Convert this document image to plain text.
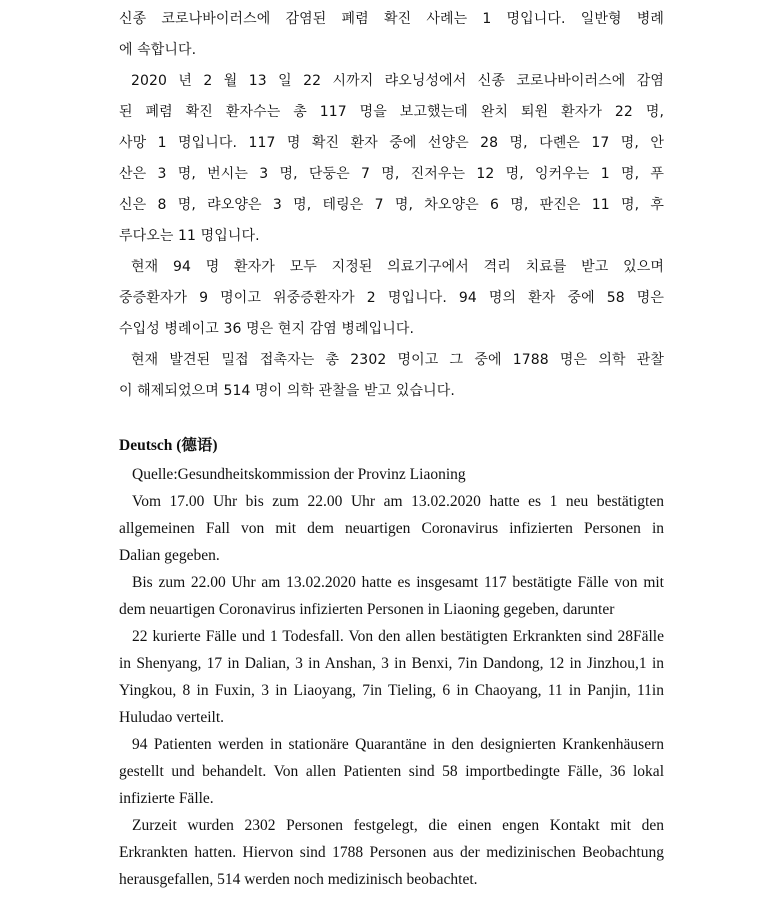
신종 코로나바이러스에 감염된 폐렴 확진 사례는 1 명입니다. 일반형 병례
에 속합니다.
2020 년 2 월 13 일 22 시까지 랴오닝성에서 신종 코로나바이러스에 감염
된 폐렴 확진 환자수는 총 117 명을 보고했는데 완치 퇴원 환자가 22 명,
사망 1 명입니다. 117 명 확진 환자 중에 선양은 28 명, 다롄은 17 명, 안
산은 3 명, 번시는 3 명, 단둥은 7 명, 진저우는 12 명, 잉커우는 1 명, 푸
신은 8 명, 랴오양은 3 명, 테링은 7 명, 차오양은 6 명, 판진은 11 명, 후
루다오는 11 명입니다.
현재 94 명 환자가 모두 지정된 의료기구에서 격리 치료를 받고 있으며
중증환자가 9 명이고 위중증환자가 2 명입니다. 94 명의 환자 중에 58 명은
수입성 병례이고 36 명은 현지 감염 병례입니다.
현재 발견된 밀접 접촉자는 총 2302 명이고 그 중에 1788 명은 의학 관찰
이 해제되었으며 514 명이 의학 관찰을 받고 있습니다.
Deutsch (德语)
Quelle:Gesundheitskommission der Provinz Liaoning
Vom 17.00 Uhr bis zum 22.00 Uhr am 13.02.2020 hatte es 1 neu bestätigten
allgemeinen Fall von mit dem neuartigen Coronavirus infizierten Personen in
Dalian gegeben.
Bis zum 22.00 Uhr am 13.02.2020 hatte es insgesamt 117 bestätigte Fälle von mit
dem neuartigen Coronavirus infizierten Personen in Liaoning gegeben, darunter
22 kurierte Fälle und 1 Todesfall. Von den allen bestätigten Erkrankten sind 28Fälle
in Shenyang, 17 in Dalian, 3 in Anshan, 3 in Benxi, 7in Dandong, 12 in Jinzhou,1 in
Yingkou, 8 in Fuxin, 3 in Liaoyang, 7in Tieling, 6 in Chaoyang, 11 in Panjin, 11in
Huludao verteilt.
94 Patienten werden in stationäre Quarantäne in den designierten Krankenhäusern
gestellt und behandelt. Von allen Patienten sind 58 importbedingte Fälle, 36 lokal
infizierte Fälle.
Zurzeit wurden 2302 Personen festgelegt, die einen engen Kontakt mit den
Erkrankten hatten. Hiervon sind 1788 Personen aus der medizinischen Beobachtung
herausgefallen, 514 werden noch medizinisch beobachtet.
